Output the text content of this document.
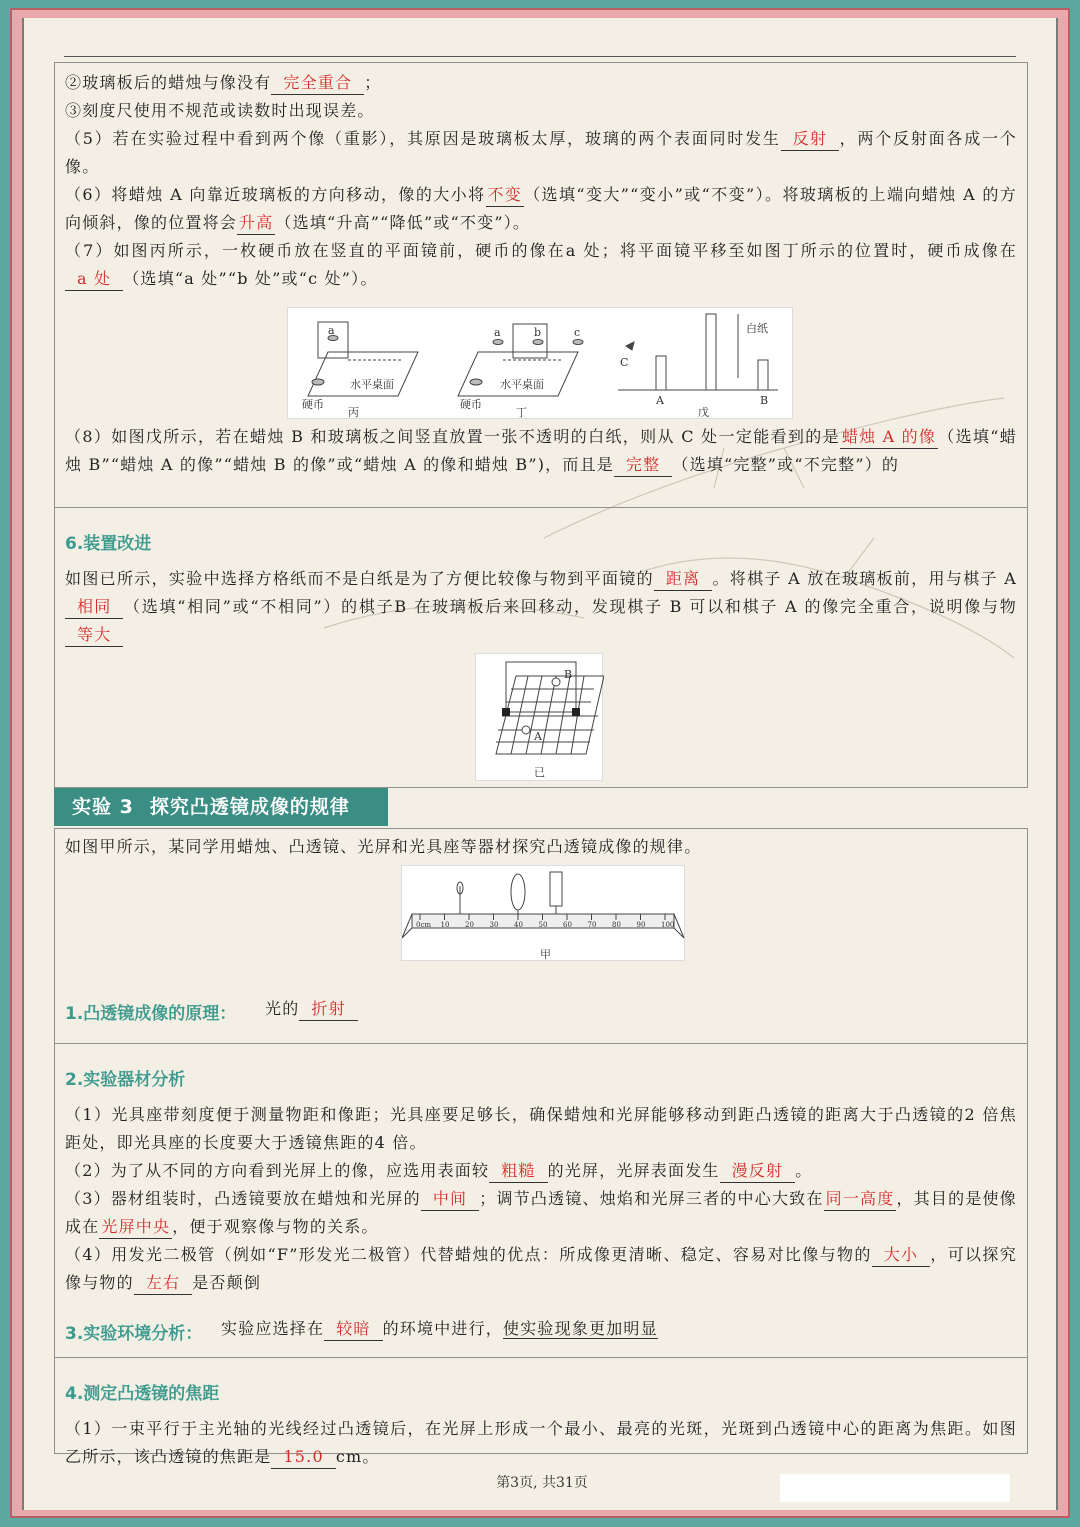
②玻璃板后的蜡烛与像没有 完全重合 ；
③刻度尺使用不规范或读数时出现误差。
（5）若在实验过程中看到两个像（重影），其原因是玻璃板太厚，玻璃的两个表面同时发生 反射 ，两个反射面各成一个像。
（6）将蜡烛 A 向靠近玻璃板的方向移动，像的大小将 不变 （选填“变大”“变小”或“不变”）。将玻璃板的上端向蜡烛 A 的方向倾斜，像的位置将会 升高 （选填“升高”“降低”或“不变”）。
（7）如图丙所示，一枚硬币放在竖直的平面镜前，硬币的像在a 处；将平面镜平移至如图丁所示的位置时，硬币成像在a 处 （选填“a 处”“b 处”或“c 处”）。
a
硬币
水平桌面
丙
a	b	c
硬币
水平桌面
丁
C
A	B
白纸
戊
（8）如图戊所示，若在蜡烛 B 和玻璃板之间竖直放置一张不透明的白纸，则从 C 处一定能看到的是 蜡烛 A 的像 （选填“蜡烛 B”“蜡烛 A 的像”“蜡烛 B 的像”或“蜡烛 A 的像和蜡烛 B”)，而且是 完整 （选填“完整”或“不完整”）的
6.装置改进
如图已所示，实验中选择方格纸而不是白纸是为了方便比较像与物到平面镜的 距离 。将棋子 A 放在玻璃板前，用与棋子 A相同 （选填“相同”或“不相同”）的棋子B 在玻璃板后来回移动，发现棋子 B 可以和棋子 A 的像完全重合，说明像与物等大
B
A
已
实验 3 探究凸透镜成像的规律
如图甲所示，某同学用蜡烛、凸透镜、光屏和光具座等器材探究凸透镜成像的规律。
0cm 10 20 30 40 50 60 70 80 90 100
甲
1.凸透镜成像的原理： 光的 折射
2.实验器材分析
（1）光具座带刻度便于测量物距和像距；光具座要足够长，确保蜡烛和光屏能够移动到距凸透镜的距离大于凸透镜的2 倍焦距处，即光具座的长度要大于透镜焦距的4 倍。
（2）为了从不同的方向看到光屏上的像，应选用表面较 粗糙 的光屏，光屏表面发生 漫反射 。
（3）器材组装时，凸透镜要放在蜡烛和光屏的 中间 ；调节凸透镜、烛焰和光屏三者的中心大致在 同一高度 ，其目的是使像成在 光屏中央 ，便于观察像与物的关系。
（4）用发光二极管（例如“F”形发光二极管）代替蜡烛的优点：所成像更清晰、稳定、容易对比像与物的 大小 ，可以探究像与物的 左右 是否颠倒
3.实验环境分析： 实验应选择在 较暗 的环境中进行，使实验现象更加明显
4.测定凸透镜的焦距
（1）一束平行于主光轴的光线经过凸透镜后，在光屏上形成一个最小、最亮的光斑，光斑到凸透镜中心的距离为焦距。如图乙所示，该凸透镜的焦距是 15.0 cm。
第3页, 共31页
